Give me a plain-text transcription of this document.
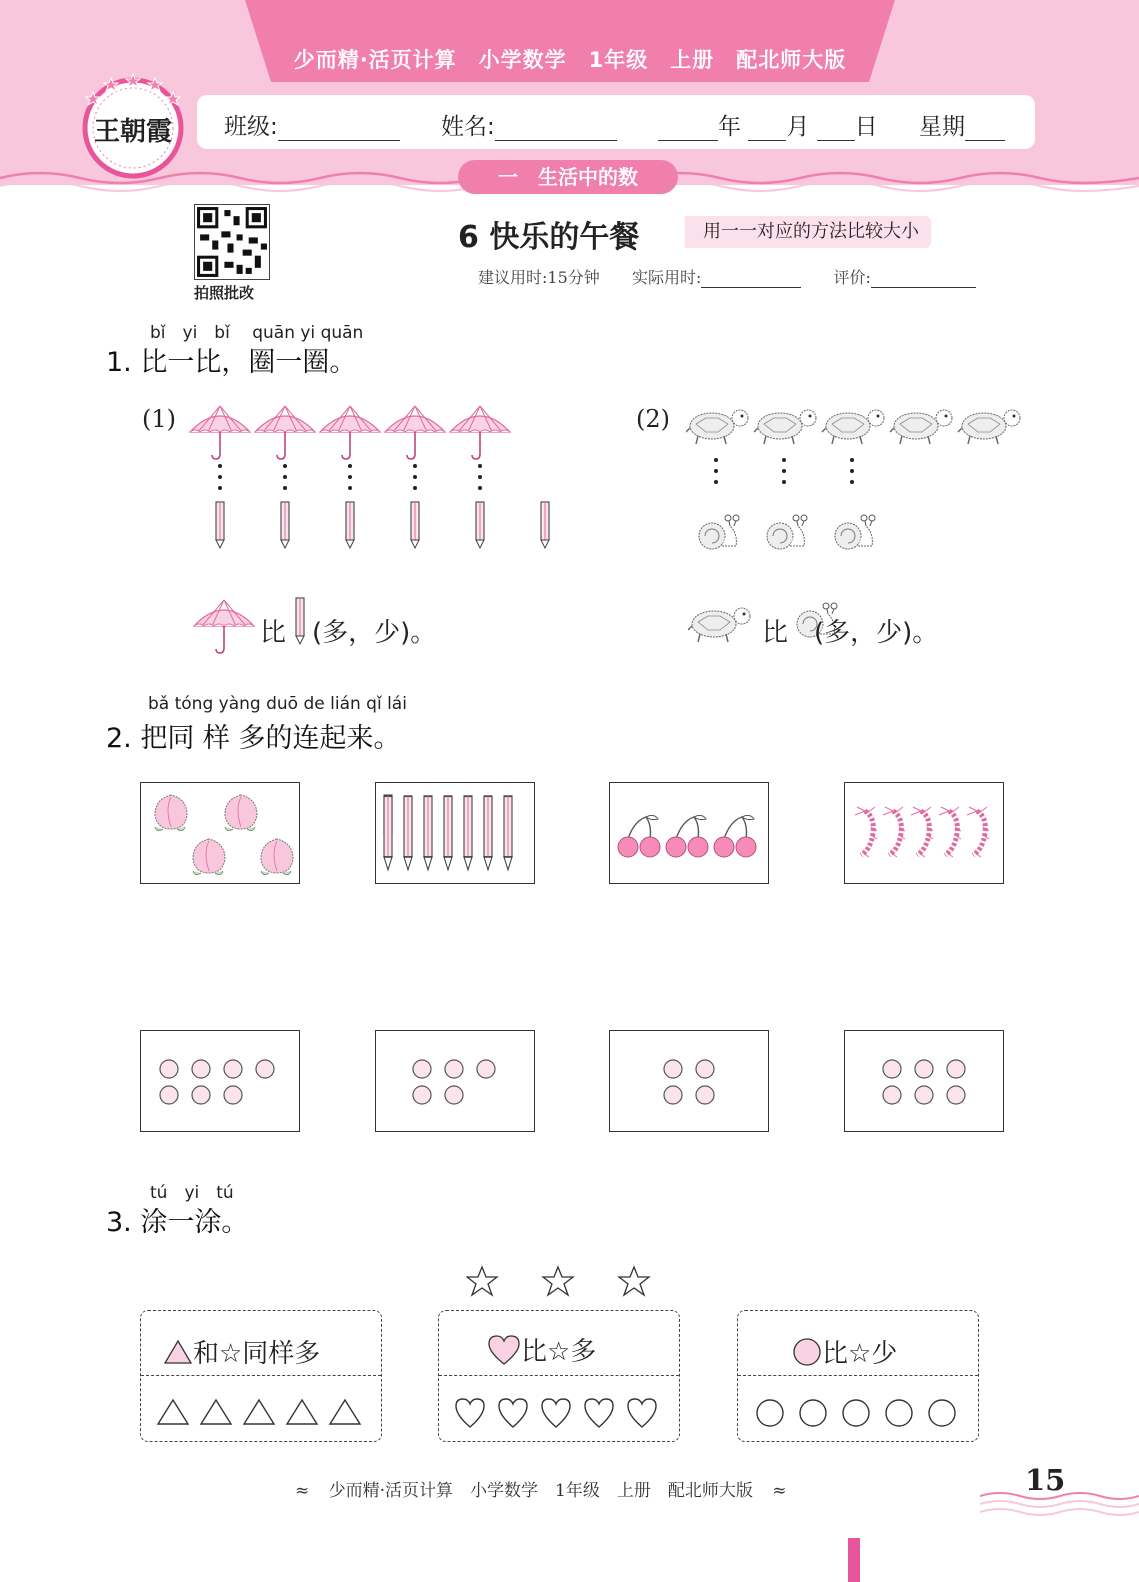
少而精·活页计算　小学数学　1年级　上册　配北师大版
王朝霞 班级:	姓名:	年 月 日 星期
一　生活中的数
拍照批改
6 快乐的午餐	用一一对应的方法比较大小
建议用时:15分钟 实际用时:	评价:
bǐ　yi　bǐ　 quān yi quān
1. 比一比，圈一圈。
(1)	(2)
比　(多，少)。	比　(多，少)。
bǎ tóng yàng duō de lián qǐ lái
2. 把同 样 多的连起来。
tú　yi　tú
3. 涂一涂。
和☆同样多	比☆多	比☆少
≈ 少而精·活页计算　小学数学　1年级　上册　配北师大版 ≈	15
